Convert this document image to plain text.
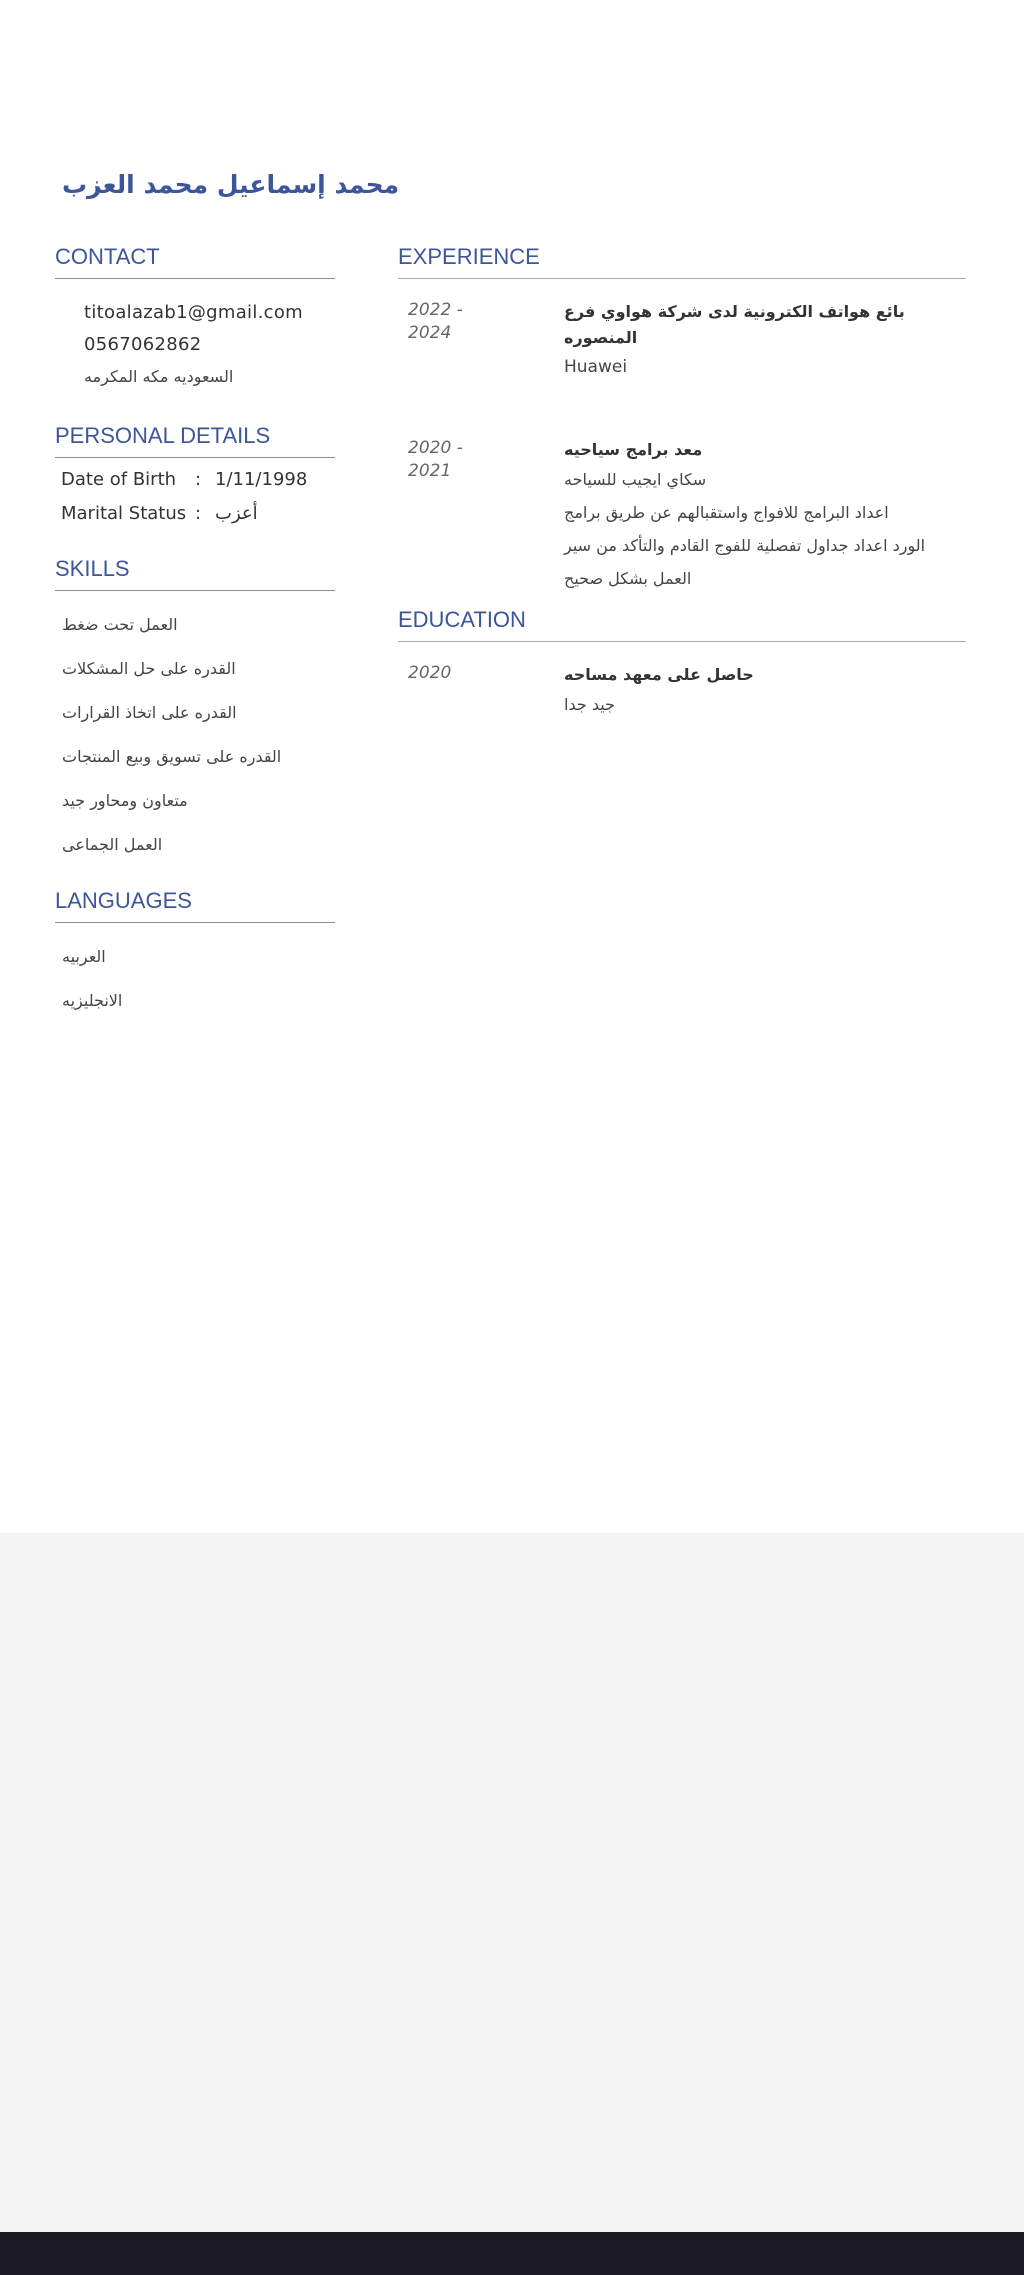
محمد إسماعيل محمد العزب
CONTACT
titoalazab1@gmail.com
0567062862
السعوديه مكه المكرمه
PERSONAL DETAILS
Date of Birth	: 1/11/1998
Marital Status : أعزب
SKILLS
العمل تحت ضغط
القدره على حل المشكلات
القدره على اتخاذ القرارات
القدره على تسويق وبيع المنتجات
متعاون ومحاور جيد
العمل الجماعى
LANGUAGES
العربيه
الانجليزيه
EXPERIENCE
2022 -
2024
بائع هواتف الكترونية لدى شركة هواوي فرع المنصوره
Huawei
2020 -
2021
معد برامج سياحيه
سكاي ايجيب للسياحه
اعداد البرامج للافواج واستقبالهم عن طريق برامج
الورد اعداد جداول تفصلية للفوج القادم والتأكد من سير
العمل بشكل صحيح
EDUCATION
2020	حاصل على معهد مساحه
جيد جدا
